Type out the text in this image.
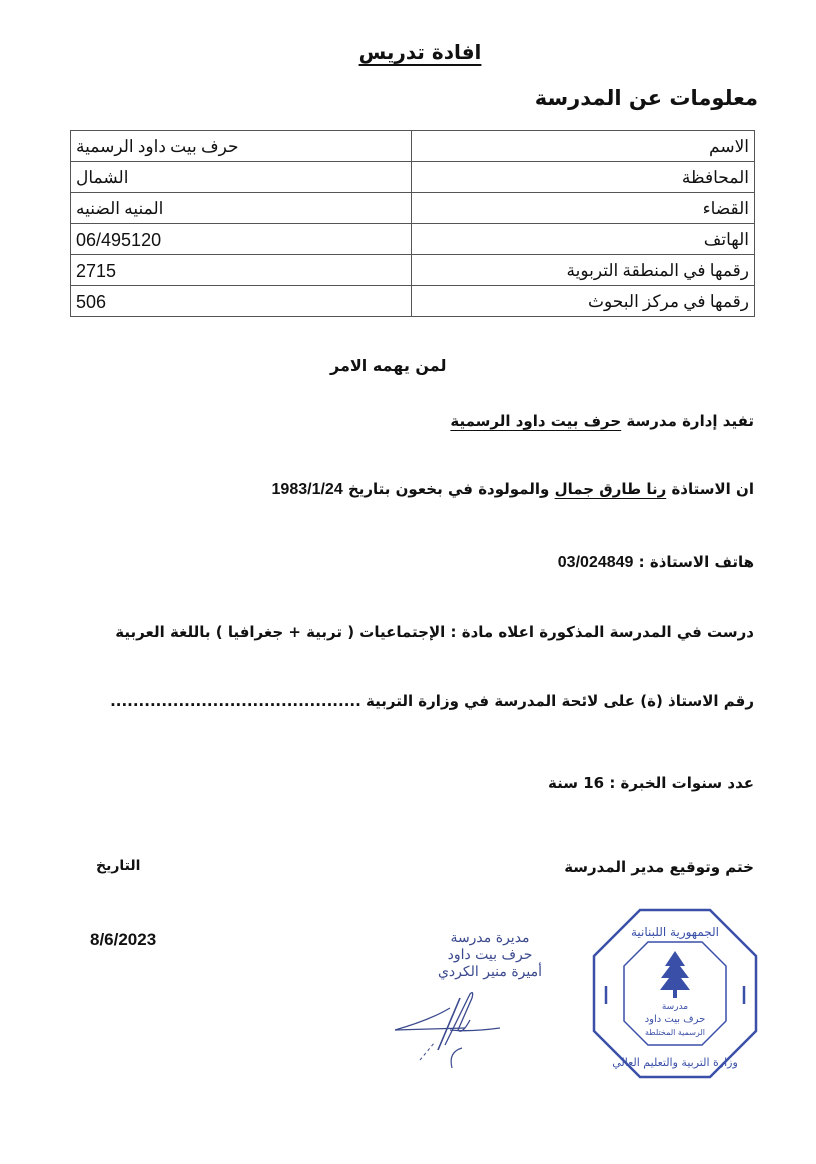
افادة تدريس
معلومات عن المدرسة
الاسم	حرف بيت داود الرسمية

المحافظة	الشمال

القضاء	المنيه الضنيه

الهاتف	06/495120

رقمها في المنطقة التربوية	2715

رقمها في مركز البحوث	506
لمن يهمه الامر
تفيد إدارة مدرسة حرف بيت داود الرسمية
ان الاستاذة رنا طارق جمال والمولودة في بخعون بتاريخ 1983/1/24
هاتف الاستاذة : 03/024849
درست في المدرسة المذكورة اعلاه مادة : الإجتماعيات ( تربية + جغرافيا ) باللغة العربية
رقم الاستاذ (ة) على لائحة المدرسة في وزارة التربية ............................................
عدد سنوات الخبرة : 16 سنة
ختم وتوقيع مدير المدرسة
التاريخ
8/6/2023	مديرة مدرسة
حرف بيت داود
أميرة منير الكردي
الجمهورية اللبنانية
مدرسة
حرف بيت داود
الرسمية المختلطة
وزارة التربية والتعليم العالي
